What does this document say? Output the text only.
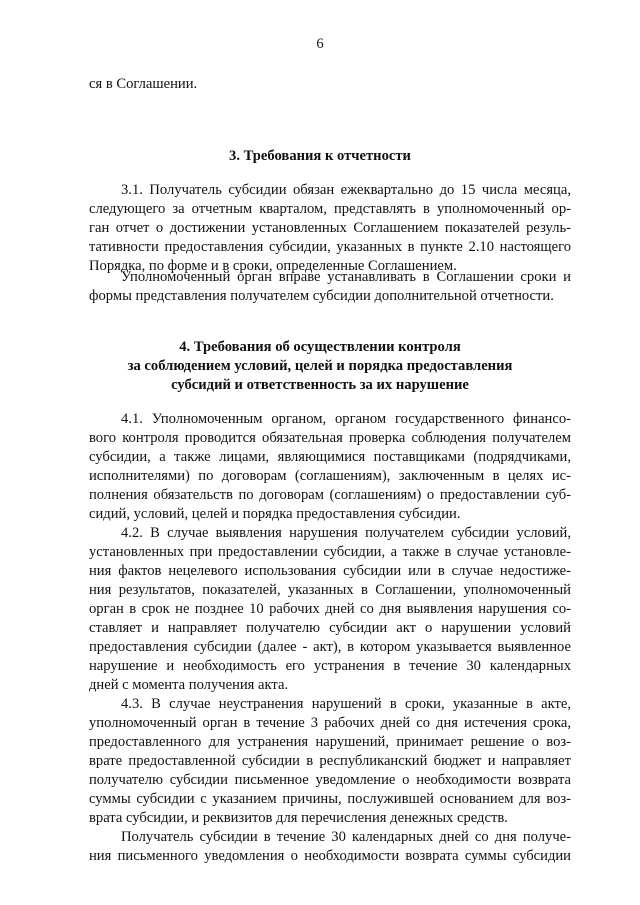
6
ся в Соглашении.
3. Требования к отчетности
3.1. Получатель субсидии обязан ежеквартально до 15 числа месяца,
следующего за отчетным кварталом, представлять в уполномоченный ор-
ган отчет о достижении установленных Соглашением показателей резуль-
тативности предоставления субсидии, указанных в пункте 2.10 настоящего
Порядка, по форме и в сроки, определенные Соглашением.
Уполномоченный орган вправе устанавливать в Соглашении сроки и
формы представления получателем субсидии дополнительной отчетности.
4. Требования об осуществлении контроля
за соблюдением условий, целей и порядка предоставления
субсидий и ответственность за их нарушение
4.1. Уполномоченным органом, органом государственного финансо-
вого контроля проводится обязательная проверка соблюдения получателем
субсидии, а также лицами, являющимися поставщиками (подрядчиками,
исполнителями) по договорам (соглашениям), заключенным в целях ис-
полнения обязательств по договорам (соглашениям) о предоставлении суб-
сидий, условий, целей и порядка предоставления субсидии.
4.2. В случае выявления нарушения получателем субсидии условий,
установленных при предоставлении субсидии, а также в случае установле-
ния фактов нецелевого использования субсидии или в случае недостиже-
ния результатов, показателей, указанных в Соглашении, уполномоченный
орган в срок не позднее 10 рабочих дней со дня выявления нарушения со-
ставляет и направляет получателю субсидии акт о нарушении условий
предоставления субсидии (далее - акт), в котором указывается выявленное
нарушение и необходимость его устранения в течение 30 календарных
дней с момента получения акта.
4.3. В случае неустранения нарушений в сроки, указанные в акте,
уполномоченный орган в течение 3 рабочих дней со дня истечения срока,
предоставленного для устранения нарушений, принимает решение о воз-
врате предоставленной субсидии в республиканский бюджет и направляет
получателю субсидии письменное уведомление о необходимости возврата
суммы субсидии с указанием причины, послужившей основанием для воз-
врата субсидии, и реквизитов для перечисления денежных средств.
Получатель субсидии в течение 30 календарных дней со дня получе-
ния письменного уведомления о необходимости возврата суммы субсидии
